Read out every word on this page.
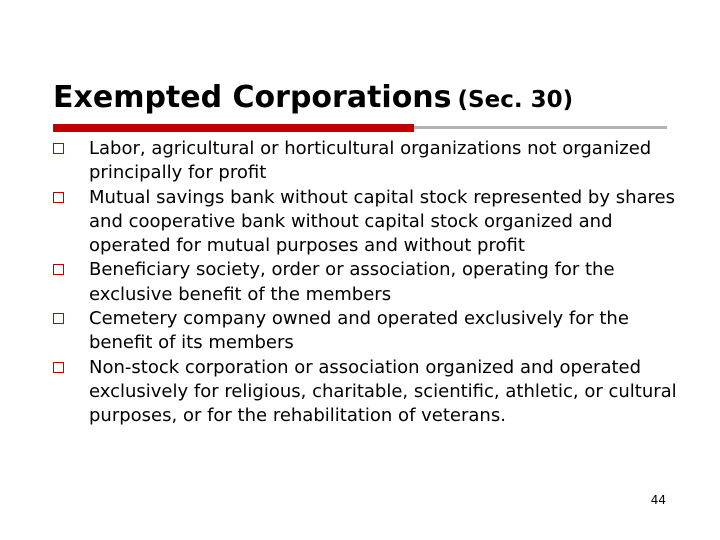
Exempted Corporations (Sec. 30)
Labor, agricultural or horticultural organizations not organized principally for profit
Mutual savings bank without capital stock represented by shares and cooperative bank without capital stock organized and operated for mutual purposes and without profit
Beneficiary society, order or association, operating for the exclusive benefit of the members
Cemetery company owned and operated exclusively for the benefit of its members
Non-stock corporation or association organized and operated exclusively for religious, charitable, scientific, athletic, or cultural purposes, or for the rehabilitation of veterans.
44
